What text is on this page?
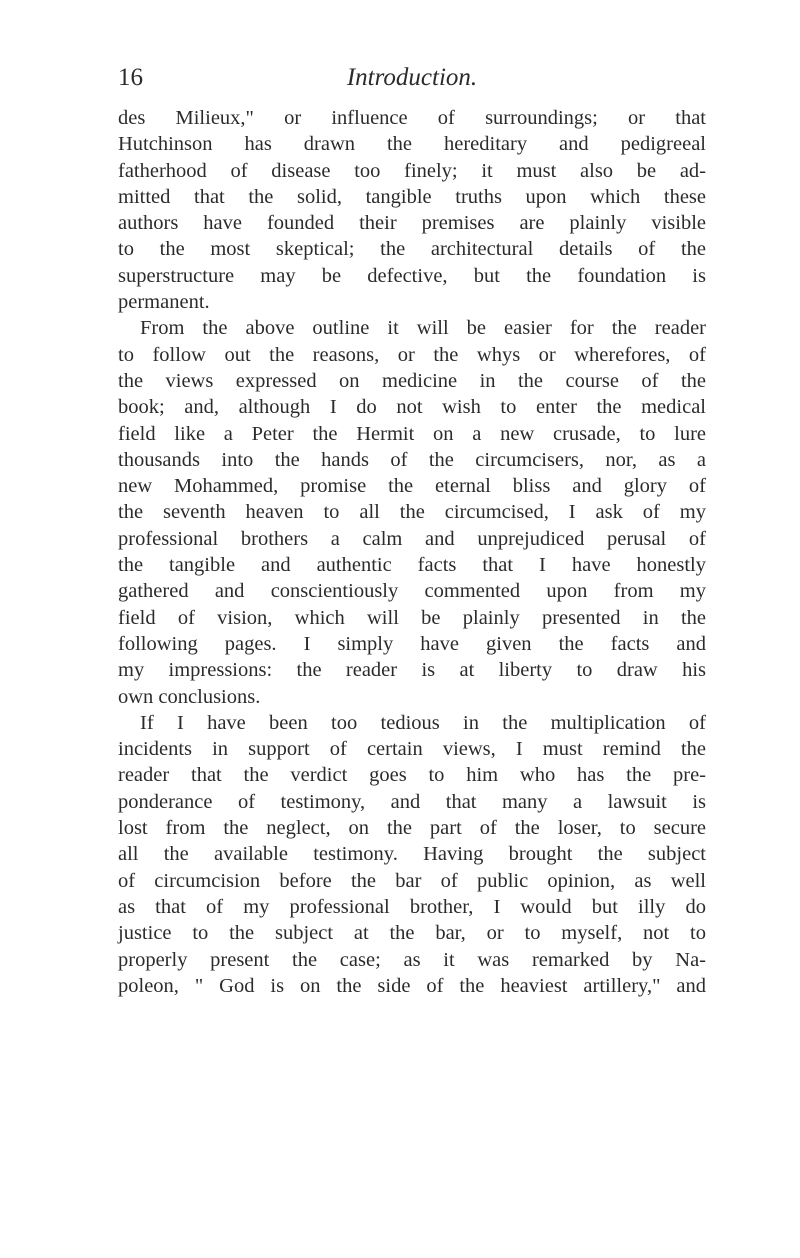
16	Introduction.

des Milieux," or influence of surroundings; or that
Hutchinson has drawn the hereditary and pedigreeal
fatherhood of disease too finely; it must also be ad-
mitted that the solid, tangible truths upon which these
authors have founded their premises are plainly visible
to the most skeptical; the architectural details of the
superstructure may be defective, but the foundation is
permanent.

From the above outline it will be easier for the reader
to follow out the reasons, or the whys or wherefores, of
the views expressed on medicine in the course of the
book; and, although I do not wish to enter the medical
field like a Peter the Hermit on a new crusade, to lure
thousands into the hands of the circumcisers, nor, as a
new Mohammed, promise the eternal bliss and glory of
the seventh heaven to all the circumcised, I ask of my
professional brothers a calm and unprejudiced perusal of
the tangible and authentic facts that I have honestly
gathered and conscientiously commented upon from my
field of vision, which will be plainly presented in the
following pages. I simply have given the facts and
my impressions: the reader is at liberty to draw his
own conclusions.

If I have been too tedious in the multiplication of
incidents in support of certain views, I must remind the
reader that the verdict goes to him who has the pre-
ponderance of testimony, and that many a lawsuit is
lost from the neglect, on the part of the loser, to secure
all the available testimony. Having brought the subject
of circumcision before the bar of public opinion, as well
as that of my professional brother, I would but illy do
justice to the subject at the bar, or to myself, not to
properly present the case; as it was remarked by Na-
poleon, " God is on the side of the heaviest artillery," and
